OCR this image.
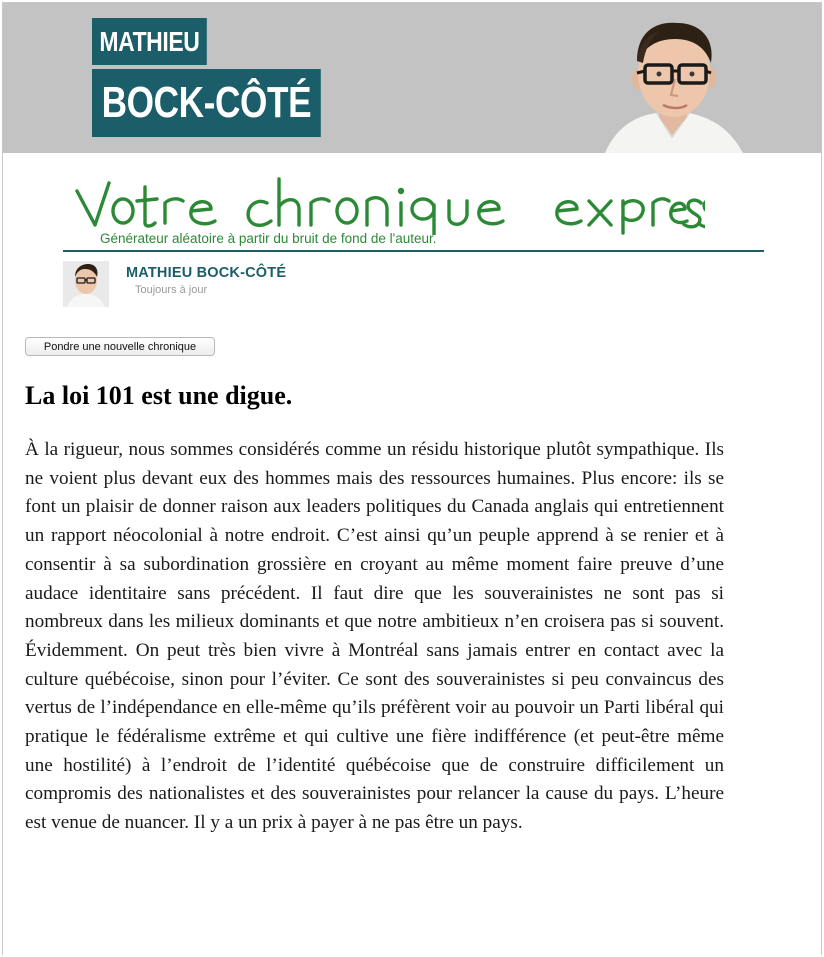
MATHIEU
BOCK-CÔTÉ
Générateur aléatoire à partir du bruit de fond de l'auteur.
MATHIEU BOCK-CÔTÉ
Toujours à jour
Pondre une nouvelle chronique
La loi 101 est une digue.

À la rigueur, nous sommes considérés comme un résidu historique plutôt sympathique. Ils ne voient plus devant eux des hommes mais des ressources humaines. Plus encore: ils se font un plaisir de donner raison aux leaders politiques du Canada anglais qui entretiennent un rapport néocolonial à notre endroit. C’est ainsi qu’un peuple apprend à se renier et à consentir à sa subordination grossière en croyant au même moment faire preuve d’une audace identitaire sans précédent. Il faut dire que les souverainistes ne sont pas si nombreux dans les milieux dominants et que notre ambitieux n’en croisera pas si souvent. Évidemment. On peut très bien vivre à Montréal sans jamais entrer en contact avec la culture québécoise, sinon pour l’éviter. Ce sont des souverainistes si peu convaincus des vertus de l’indépendance en elle-même qu’ils préfèrent voir au pouvoir un Parti libéral qui pratique le fédéralisme extrême et qui cultive une fière indifférence (et peut-être même une hostilité) à l’endroit de l’identité québécoise que de construire difficilement un compromis des nationalistes et des souverainistes pour relancer la cause du pays. L’heure est venue de nuancer. Il y a un prix à payer à ne pas être un pays.
